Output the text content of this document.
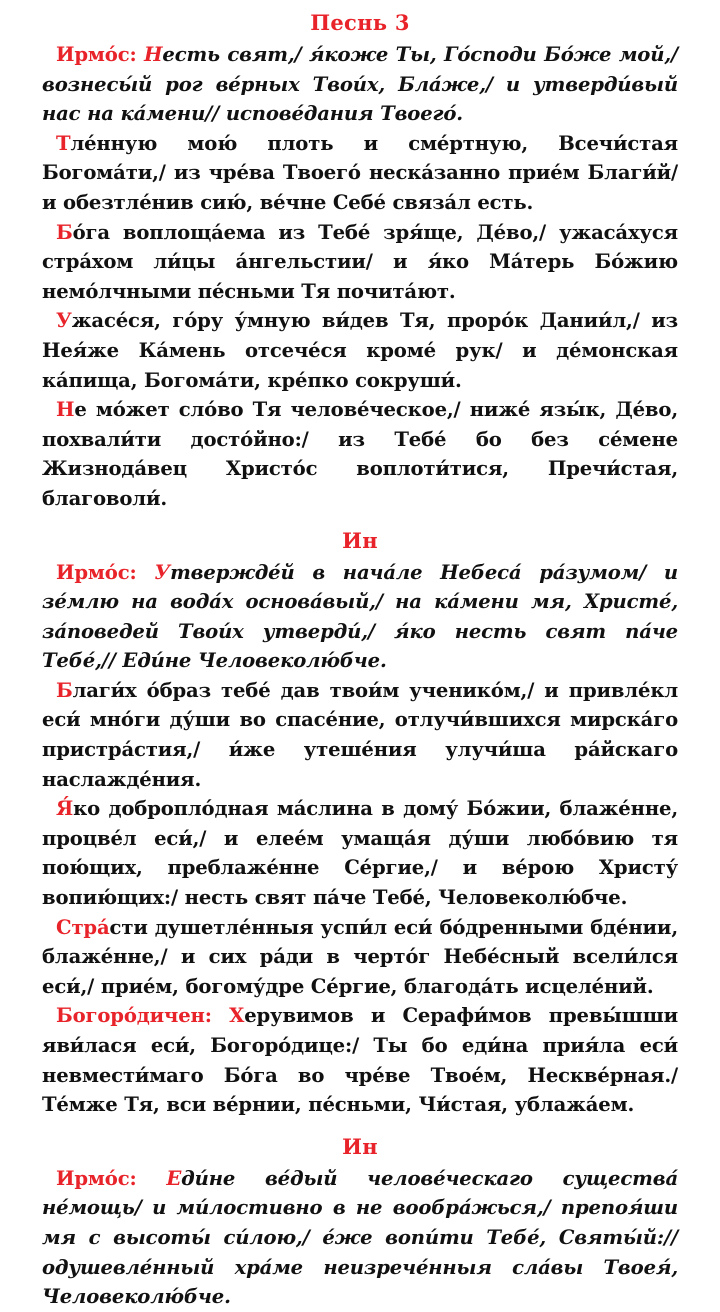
Песнь 3

Ирмо́с: Несть свят,/ я́коже Ты, Го́споди Бо́же мой,/ вознесы́й рог ве́рных Твои́х, Бла́же,/ и утверди́вый нас на ка́мени// испове́дания Твоего́.

Тле́нную мою́ плоть и сме́ртную, Всечи́стая Богома́ти,/ из чре́ва Твоего́ неска́занно прие́м Благи́й/ и обезтле́нив сию́, ве́чне Себе́ связа́л есть.

Бо́га воплоща́ема из Тебе́ зря́ще, Де́во,/ ужаса́хуся стра́хом ли́цы а́нгельстии/ и я́ко Ма́терь Бо́жию немо́лчными пе́сньми Тя почита́ют.

Ужасе́ся, го́ру у́мную ви́дев Тя, проро́к Дании́л,/ из Нея́же Ка́мень отсече́ся кроме́ рук/ и де́монская ка́пища, Богома́ти, кре́пко сокруши́.

Не мо́жет сло́во Тя челове́ческое,/ ниже́ язы́к, Де́во, похвали́ти досто́йно:/ из Тебе́ бо без се́мене Жизнода́вец Христо́с воплоти́тися, Пречи́стая, благоволи́.

Ин

Ирмо́с: Утвержде́й в нача́ле Небеса́ ра́зумом/ и зе́млю на вода́х основа́вый,/ на ка́мени мя, Христе́, за́поведей Твои́х утверди́,/ я́ко несть свят па́че Тебе́,// Еди́не Человеколю́бче.

Благи́х о́браз тебе́ дав твои́м ученико́м,/ и привле́кл еси́ мно́ги ду́ши во спасе́ние, отлучи́вшихся мирска́го пристра́стия,/ и́же утеше́ния улучи́ша ра́йскаго наслажде́ния.

Я́ко доброплóдная ма́слина в дому́ Бо́жии, блаже́нне, процве́л еси́,/ и елее́м умаща́я ду́ши любо́вию тя пою́щих, преблаже́нне Се́ргие,/ и ве́рою Христу́ вопию́щих:/ несть свят па́че Тебе́, Человеколю́бче.

Стра́сти душетле́нныя успи́л еси́ бо́дренными бде́нии, блаже́нне,/ и сих ра́ди в черто́г Небе́сный всели́лся еси́,/ прие́м, богому́дре Се́ргие, благода́ть исцеле́ний.

Богоро́дичен: Херувимов и Серафи́мов превы́шши яви́лася еси́, Богоро́дице:/ Ты бо еди́на прия́ла еси́ невмести́маго Бо́га во чре́ве Твое́м, Нескве́рная./ Те́мже Тя, вси ве́рнии, пе́сньми, Чи́стая, ублажа́ем.

Ин

Ирмо́с: Еди́не ве́дый челове́ческаго существа́ не́мощь/ и ми́лостивно в не вообра́жься,/ препоя́ши мя с высоты́ си́лою,/ е́же вопи́ти Тебе́, Святы́й:// одушевле́нный хра́ме неизрече́нныя сла́вы Твоея́, Человеколю́бче.
